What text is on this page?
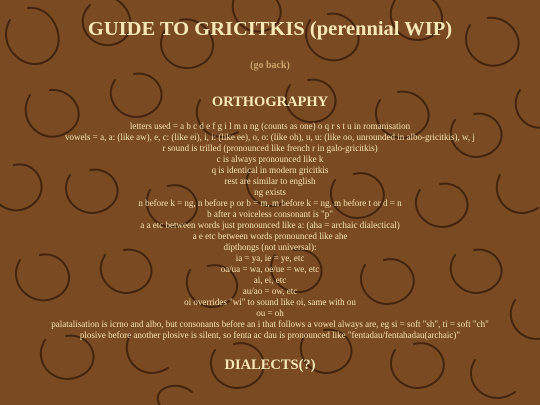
GUIDE TO GRICITKIS (perennial WIP)
(go back)
ORTHOGRAPHY
letters used = a b c d e f g i l m n ng (counts as one) o q r s t u in romanisation
vowels = a, a: (like aw), e, c: (like ei), i, i: (like ee), o, o: (like oh), u, u: (like oo, unrounded in albo-gricitkis), w, j
r sound is trilled (pronounced like french r in galo-gricitkis)
c is always pronounced like k
q is identical in modern gricitkis
rest are similar to english
ng exists
n before k = ng, n before p or b = m, m before k = ng, m before t or d = n
b after a voiceless consonant is "p"
a a etc between words just pronounced like a: (aha = archaic dialectical)
a e etc between words pronounced like ahe
dipthongs (not universal):
ia = ya, ie = ye, etc
oa/ua = wa, oe/ue = we, etc
ai, ei, etc
au/ao = ow, etc
oi overrides "wi" to sound like oi, same with ou
ou = oh
palatalisation is icrno and albo, but consonants before an i that follows a vowel always are, eg si = soft "sh", ti = soft "ch"
plosive before another plosive is silent, so fenta ac dau is pronounced like "fentadau/fentahadau(archaic)"
DIALECTS(?)
